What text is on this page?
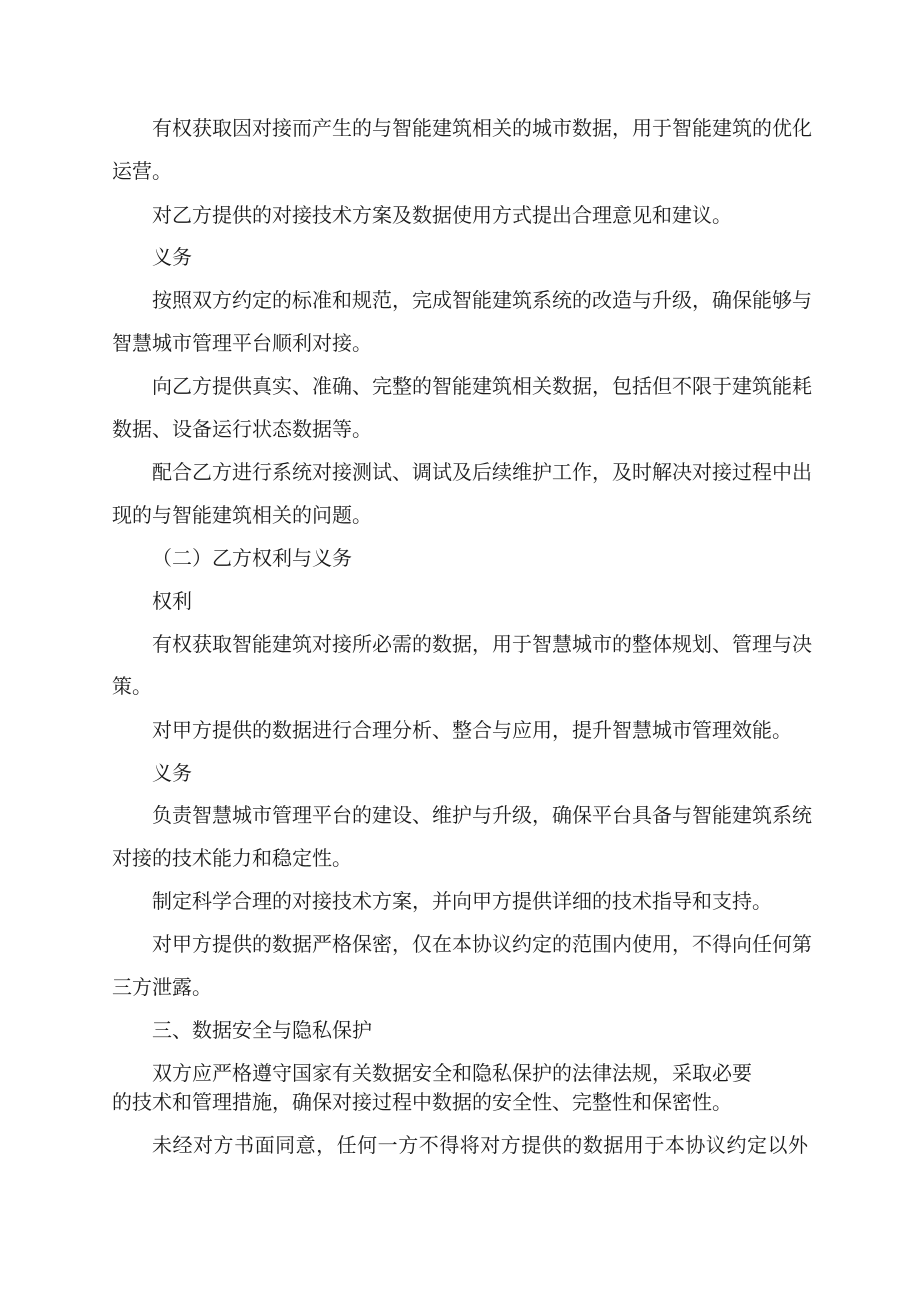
有权获取因对接而产生的与智能建筑相关的城市数据，用于智能建筑的优化

运营。

对乙方提供的对接技术方案及数据使用方式提出合理意见和建议。

义务

按照双方约定的标准和规范，完成智能建筑系统的改造与升级，确保能够与

智慧城市管理平台顺利对接。

向乙方提供真实、准确、完整的智能建筑相关数据，包括但不限于建筑能耗

数据、设备运行状态数据等。

配合乙方进行系统对接测试、调试及后续维护工作，及时解决对接过程中出

现的与智能建筑相关的问题。

（二）乙方权利与义务

权利

有权获取智能建筑对接所必需的数据，用于智慧城市的整体规划、管理与决

策。

对甲方提供的数据进行合理分析、整合与应用，提升智慧城市管理效能。

义务

负责智慧城市管理平台的建设、维护与升级，确保平台具备与智能建筑系统

对接的技术能力和稳定性。

制定科学合理的对接技术方案，并向甲方提供详细的技术指导和支持。

对甲方提供的数据严格保密，仅在本协议约定的范围内使用，不得向任何第

三方泄露。

三、数据安全与隐私保护

双方应严格遵守国家有关数据安全和隐私保护的法律法规，采取必要

的技术和管理措施，确保对接过程中数据的安全性、完整性和保密性。

未经对方书面同意，任何一方不得将对方提供的数据用于本协议约定以外
